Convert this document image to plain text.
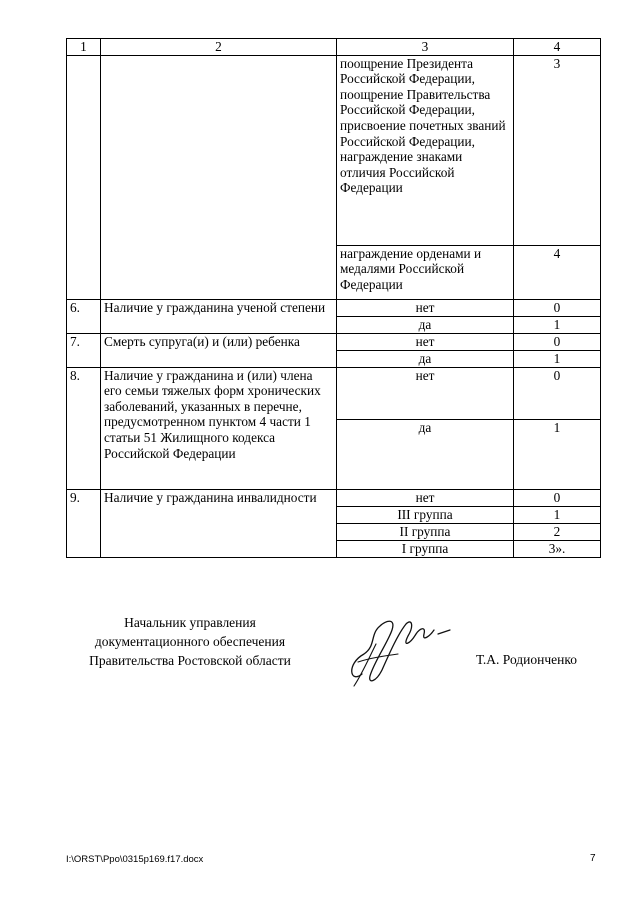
1	2	3	4
		поощрение Президента Российской Федерации, поощрение Правительства Российской Федерации, присвоение почетных званий Российской Федерации, награждение знаками отличия Российской Федерации	3
		награждение орденами и медалями Российской Федерации	4
6.	Наличие у гражданина ученой степени	нет	0
		да	1
7.	Смерть супруга(и) и (или) ребенка	нет	0
		да	1
8.	Наличие у гражданина и (или) члена его семьи тяжелых форм хронических заболеваний, указанных в перечне, предусмотренном пунктом 4 части 1 статьи 51 Жилищного кодекса Российской Федерации	нет	0
		да	1
9.	Наличие у гражданина инвалидности	нет	0
		III группа	1
		II группа	2
		I группа	3».
Начальник управления
документационного обеспечения
Правительства Ростовской области	Т.А. Родионченко
I:\ORST\Ppo\0315p169.f17.docx	7
